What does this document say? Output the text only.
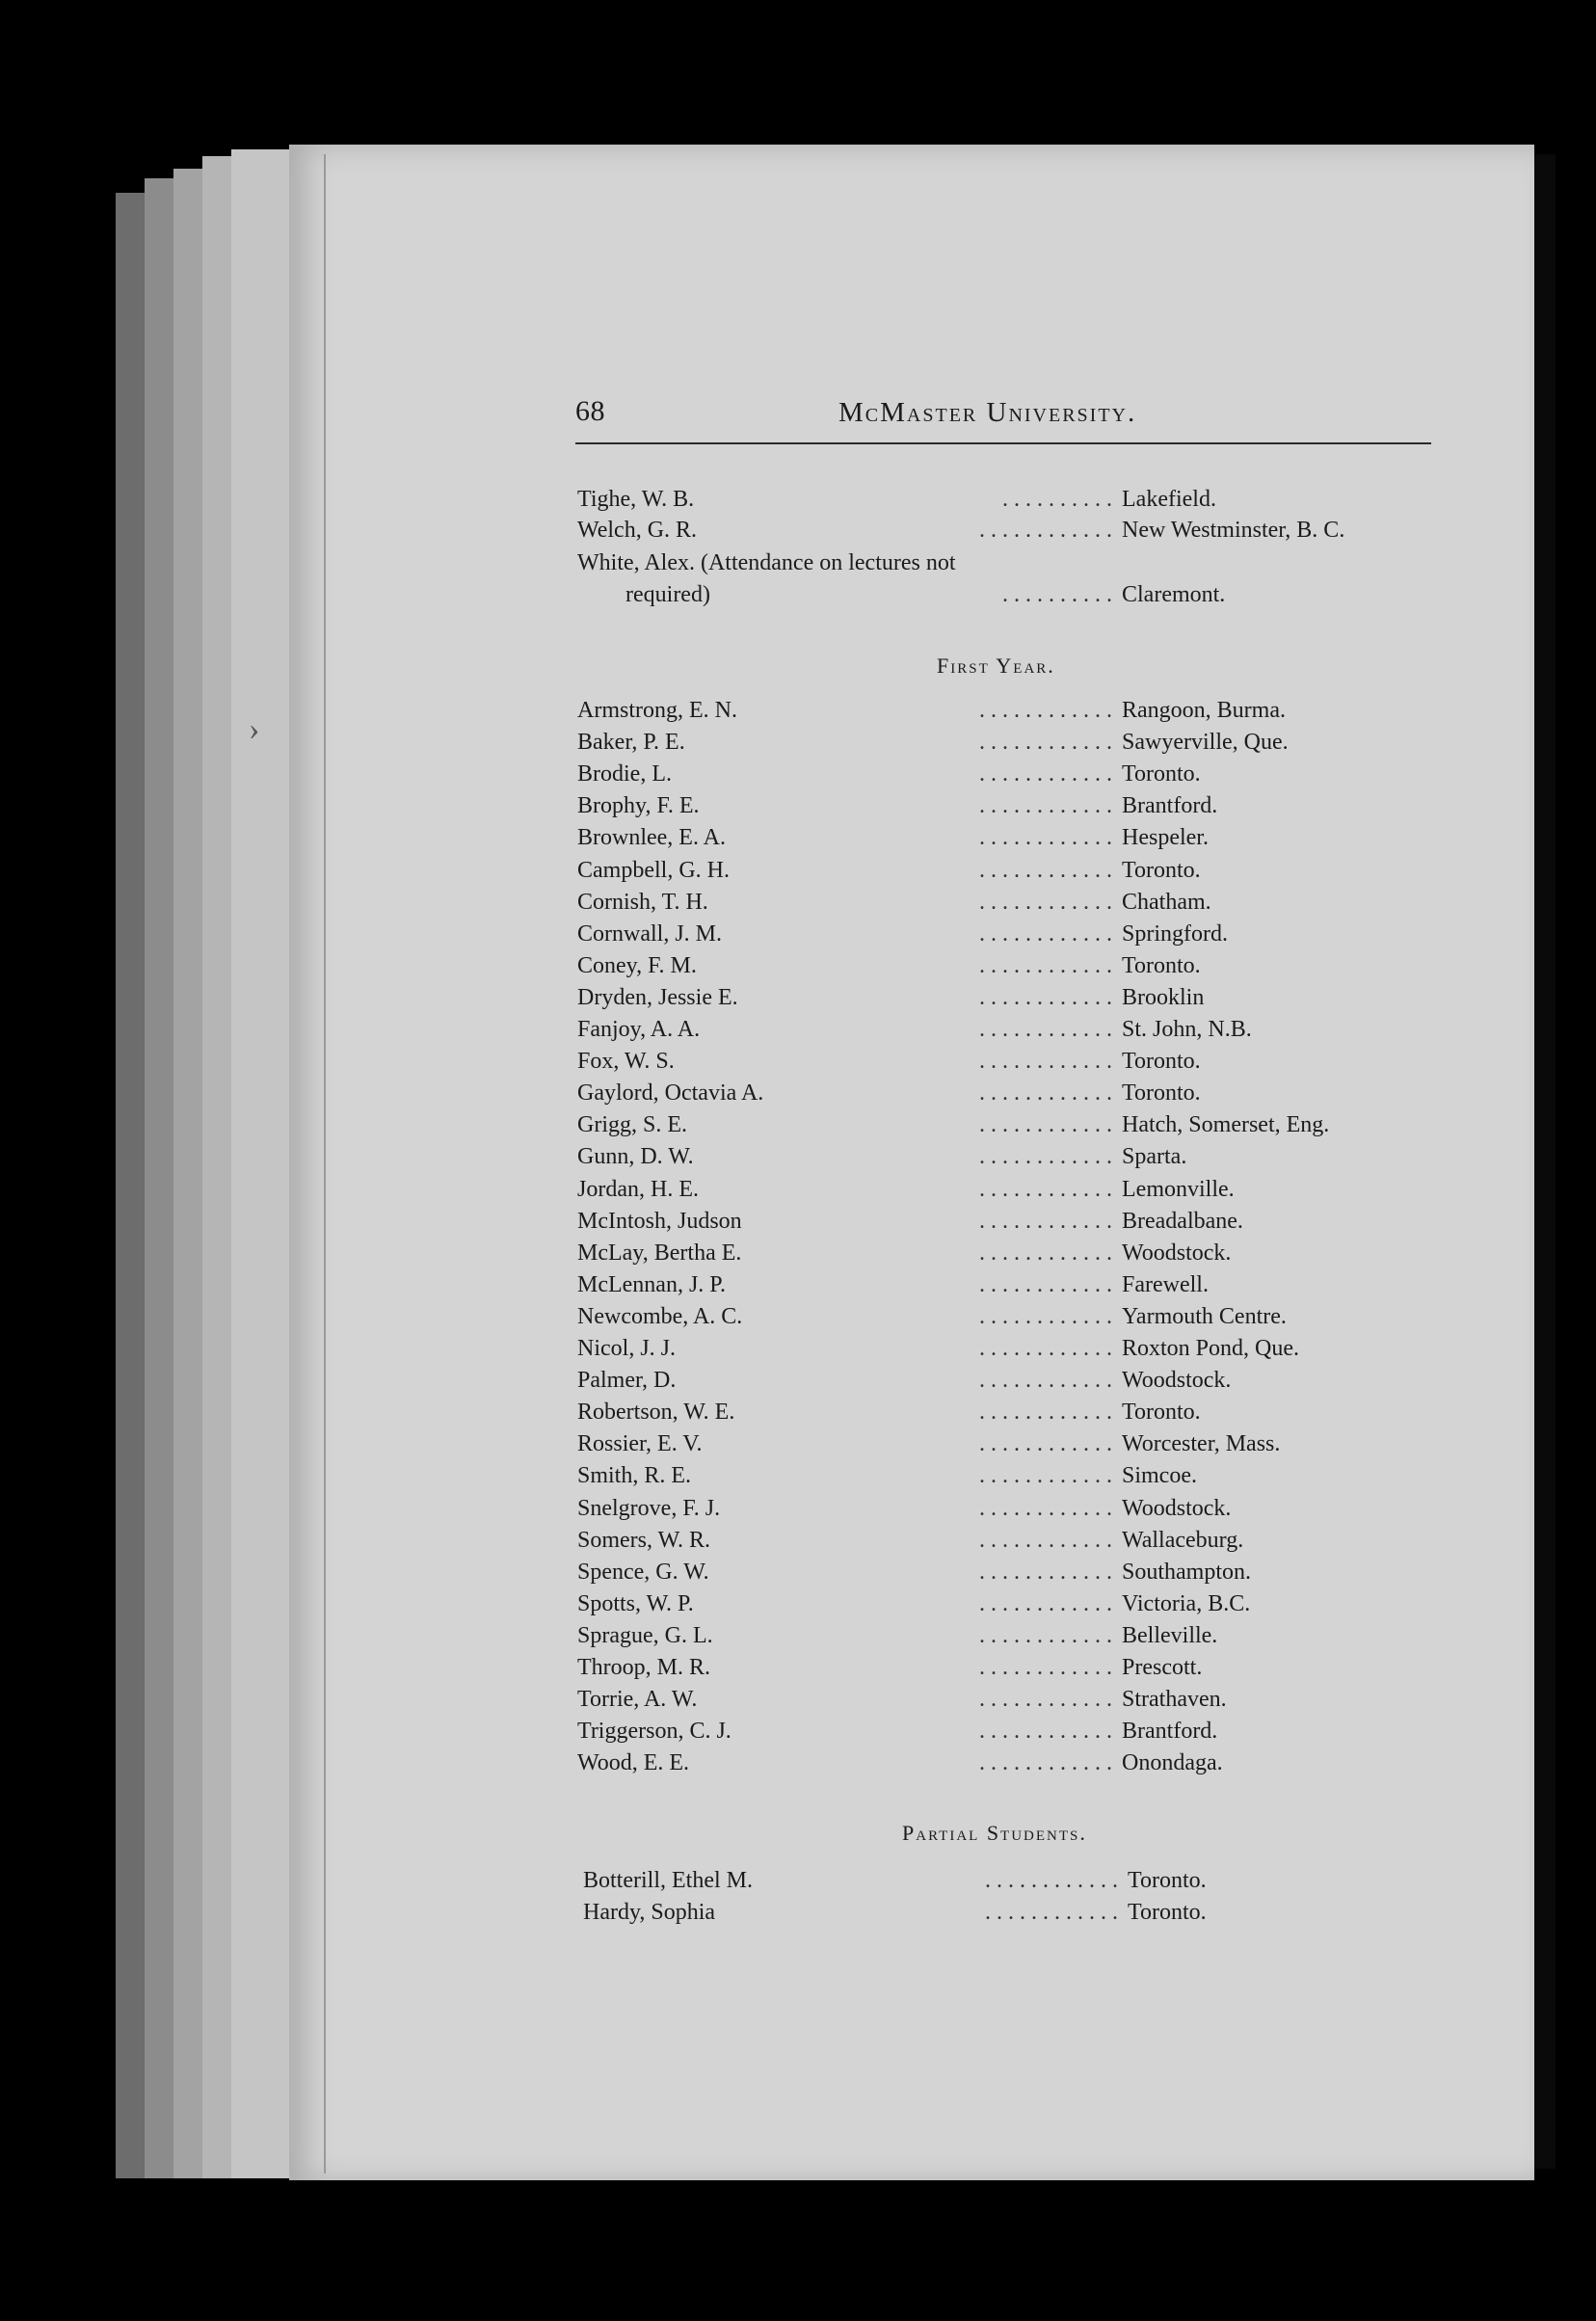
68	McMaster University.
Tighe, W. B.	. . . . . . . . . . Lakefield.
Welch, G. R.	. . . . . . . . . . . . New Westminster, B. C.
White, Alex. (Attendance on lectures not
required)	. . . . . . . . . . Claremont.
First Year.
Armstrong, E. N.	. . . . . . . . . . . . Rangoon, Burma.
Baker, P. E.	. . . . . . . . . . . . Sawyerville, Que.
Brodie, L.	. . . . . . . . . . . . Toronto.
Brophy, F. E.	. . . . . . . . . . . . Brantford.
Brownlee, E. A.	. . . . . . . . . . . . Hespeler.
Campbell, G. H.	. . . . . . . . . . . . Toronto.
Cornish, T. H.	. . . . . . . . . . . . Chatham.
Cornwall, J. M.	. . . . . . . . . . . . Springford.
Coney, F. M.	. . . . . . . . . . . . Toronto.
Dryden, Jessie E.	. . . . . . . . . . . . Brooklin
Fanjoy, A. A.	. . . . . . . . . . . . St. John, N.B.
Fox, W. S.	. . . . . . . . . . . . Toronto.
Gaylord, Octavia A.	. . . . . . . . . . . . Toronto.
Grigg, S. E.	. . . . . . . . . . . . Hatch, Somerset, Eng.
Gunn, D. W.	. . . . . . . . . . . . Sparta.
Jordan, H. E.	. . . . . . . . . . . . Lemonville.
McIntosh, Judson	. . . . . . . . . . . . Breadalbane.
McLay, Bertha E.	. . . . . . . . . . . . Woodstock.
McLennan, J. P.	. . . . . . . . . . . . Farewell.
Newcombe, A. C.	. . . . . . . . . . . . Yarmouth Centre.
Nicol, J. J.	. . . . . . . . . . . . Roxton Pond, Que.
Palmer, D.	. . . . . . . . . . . . Woodstock.
Robertson, W. E.	. . . . . . . . . . . . Toronto.
Rossier, E. V.	. . . . . . . . . . . . Worcester, Mass.
Smith, R. E.	. . . . . . . . . . . . Simcoe.
Snelgrove, F. J.	. . . . . . . . . . . . Woodstock.
Somers, W. R.	. . . . . . . . . . . . Wallaceburg.
Spence, G. W.	. . . . . . . . . . . . Southampton.
Spotts, W. P.	. . . . . . . . . . . . Victoria, B.C.
Sprague, G. L.	. . . . . . . . . . . . Belleville.
Throop, M. R.	. . . . . . . . . . . . Prescott.
Torrie, A. W.	. . . . . . . . . . . . Strathaven.
Triggerson, C. J.	. . . . . . . . . . . . Brantford.
Wood, E. E.	. . . . . . . . . . . . Onondaga.
Partial Students.
Botterill, Ethel M.	. . . . . . . . . . . . Toronto.
Hardy, Sophia	. . . . . . . . . . . . Toronto.
›
